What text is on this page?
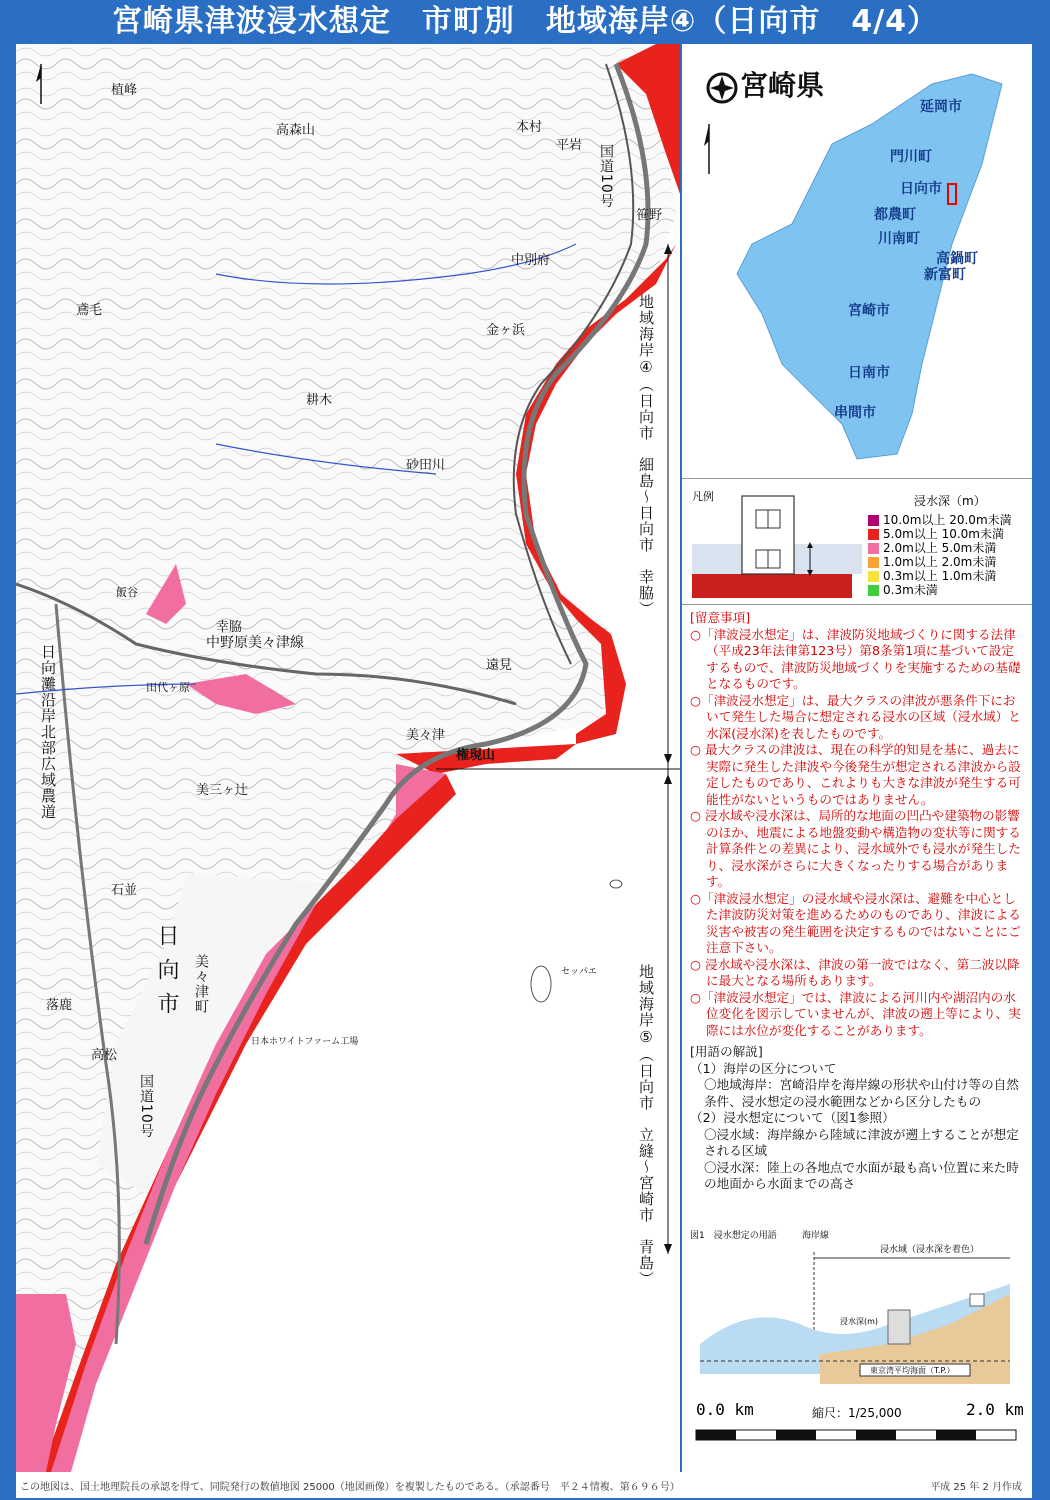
宮崎県津波浸水想定　市町別　地域海岸④（日向市　4/4）
地域海岸④（日向市　細島〜日向市　幸脇）
地域海岸⑤（日向市　立縫〜宮崎市　青島）
国道10号
国道10号
中野原美々津線
日向灘沿岸北部広域農道
日向市 美々津町
幸脇
権現山
美々津
鳶毛
耕木
平岩
中別府
金ヶ浜
遠見
砂田川
高松
落鹿
植峰
高森山	本村
笹野
美三ヶ辻
田代ヶ原
飯谷
石並
日本ホワイトファーム工場
セッパエ
宮崎県
延岡市
門川町
日向市
都農町
川南町
高鍋町
新富町
宮崎市
日南市
串間市
凡例	浸水深（m）
10.0m以上 20.0m未満
5.0m以上 10.0m未満
2.0m以上 5.0m未満
1.0m以上 2.0m未満
0.3m以上 1.0m未満
0.3m未満
[留意事項]

○「津波浸水想定」は、津波防災地域づくりに関する法律（平成23年法律第123号）第8条第1項に基づいて設定するもので、津波防災地域づくりを実施するための基礎となるものです。

○「津波浸水想定」は、最大クラスの津波が悪条件下において発生した場合に想定される浸水の区域（浸水域）と水深(浸水深)を表したものです。

○ 最大クラスの津波は、現在の科学的知見を基に、過去に実際に発生した津波や今後発生が想定される津波から設定したものであり、これよりも大きな津波が発生する可能性がないというものではありません。

○ 浸水域や浸水深は、局所的な地面の凹凸や建築物の影響のほか、地震による地盤変動や構造物の変状等に関する計算条件との差異により、浸水域外でも浸水が発生したり、浸水深がさらに大きくなったりする場合があります。

○「津波浸水想定」の浸水域や浸水深は、避難を中心とした津波防災対策を進めるためのものであり、津波による災害や被害の発生範囲を決定するものではないことにご注意下さい。

○ 浸水域や浸水深は、津波の第一波ではなく、第二波以降に最大となる場所もあります。

○「津波浸水想定」では、津波による河川内や湖沼内の水位変化を図示していませんが、津波の遡上等により、実際には水位が変化することがあります。

[用語の解説]

（1）海岸の区分について

〇地域海岸：宮崎沿岸を海岸線の形状や山付け等の自然条件、浸水想定の浸水範囲などから区分したもの

（2）浸水想定について（図1参照）

〇浸水域：海岸線から陸域に津波が遡上することが想定される区域

〇浸水深：陸上の各地点で水面が最も高い位置に来た時の地面から水面までの高さ

図1　浸水想定の用語	海岸線
浸水域（浸水深を着色）
浸水深(m)
東京湾平均海面（T.P.）
0.0 km	2.0 km
縮尺：1/25,000
この地図は、国土地理院長の承認を得て、同院発行の数値地図 25000（地図画像）を複製したものである。（承認番号　平２４情複、第６９６号）	平成 25 年 2 月作成
